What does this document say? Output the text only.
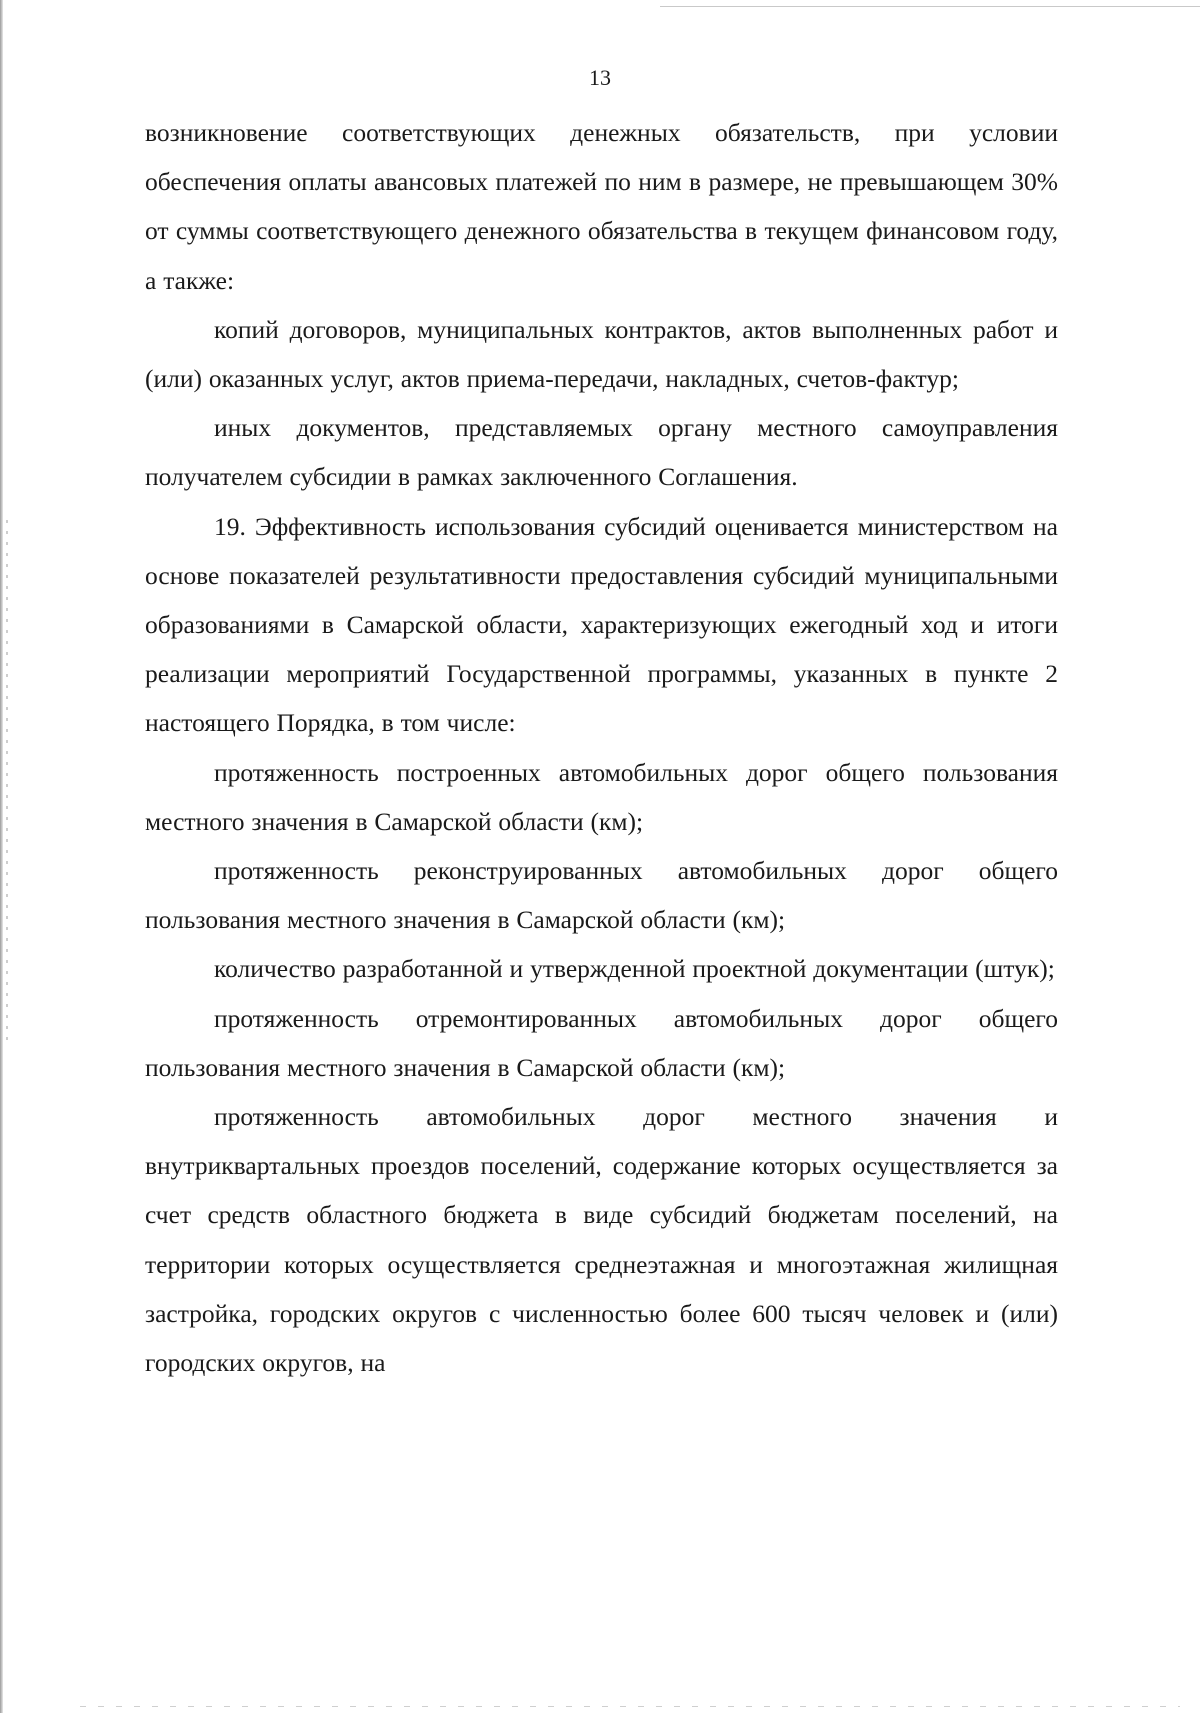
13

возникновение соответствующих денежных обязательств, при условии обеспечения оплаты авансовых платежей по ним в размере, не превышающем 30% от суммы соответствующего денежного обязательства в текущем финансовом году, а также:

копий договоров, муниципальных контрактов, актов выполненных работ и (или) оказанных услуг, актов приема-передачи, накладных, счетов-фактур;

иных документов, представляемых органу местного самоуправления получателем субсидии в рамках заключенного Соглашения.

19. Эффективность использования субсидий оценивается министерством на основе показателей результативности предоставления субсидий муниципальными образованиями в Самарской области, характеризующих ежегодный ход и итоги реализации мероприятий Государственной программы, указанных в пункте 2 настоящего Порядка, в том числе:

протяженность построенных автомобильных дорог общего пользования местного значения в Самарской области (км);

протяженность реконструированных автомобильных дорог общего пользования местного значения в Самарской области (км);

количество разработанной и утвержденной проектной документации (штук);

протяженность отремонтированных автомобильных дорог общего пользования местного значения в Самарской области (км);

протяженность автомобильных дорог местного значения и внутриквартальных проездов поселений, содержание которых осуществляется за счет средств областного бюджета в виде субсидий бюджетам поселений, на территории которых осуществляется среднеэтажная и многоэтажная жилищная застройка, городских округов с численностью более 600 тысяч человек и (или) городских округов, на
